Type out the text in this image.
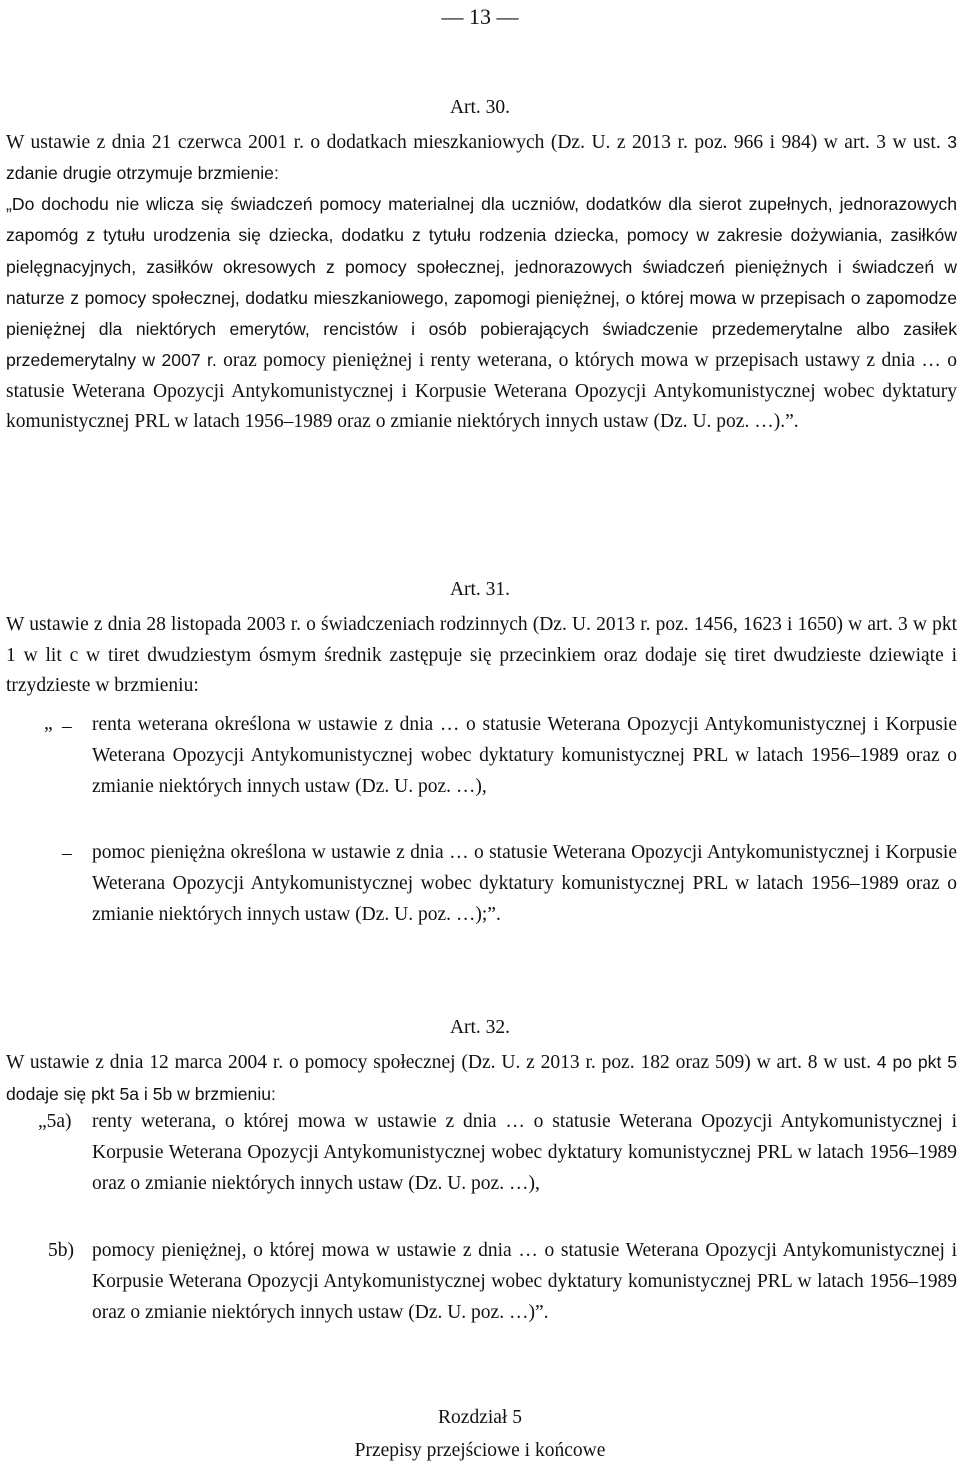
— 13 —
Art. 30.

W ustawie z dnia 21 czerwca 2001 r. o dodatkach mieszkaniowych (Dz. U. z 2013 r. poz. 966 i 984) w art. 3 w ust. 3 zdanie drugie otrzymuje brzmienie:

„Do dochodu nie wlicza się świadczeń pomocy materialnej dla uczniów, dodatków dla sierot zupełnych, jednorazowych zapomóg z tytułu urodzenia się dziecka, dodatku z tytułu rodzenia dziecka, pomocy w zakresie dożywiania, zasiłków pielęgnacyjnych, zasiłków okresowych z pomocy społecznej, jednorazowych świadczeń pieniężnych i świadczeń w naturze z pomocy społecznej, dodatku mieszkaniowego, zapomogi pieniężnej, o której mowa w przepisach o zapomodze pieniężnej dla niektórych emerytów, rencistów i osób pobierających świadczenie przedemerytalne albo zasiłek przedemerytalny w 2007 r. oraz pomocy pieniężnej i renty weterana, o których mowa w przepisach ustawy z dnia … o statusie Weterana Opozycji Antykomunistycznej i Korpusie Weterana Opozycji Antykomunistycznej wobec dyktatury komunistycznej PRL w latach 1956–1989 oraz o zmianie niektórych innych ustaw (Dz. U. poz. …).”.

Art. 31.

W ustawie z dnia 28 listopada 2003 r. o świadczeniach rodzinnych (Dz. U. 2013 r. poz. 1456, 1623 i 1650) w art. 3 w pkt 1 w lit c w tiret dwudziestym ósmym średnik zastępuje się przecinkiem oraz dodaje się tiret dwudzieste dziewiąte i trzydzieste w brzmieniu:

„ – renta weterana określona w ustawie z dnia … o statusie Weterana Opozycji Antykomunistycznej i Korpusie Weterana Opozycji Antykomunistycznej wobec dyktatury komunistycznej PRL w latach 1956–1989 oraz o zmianie niektórych innych ustaw (Dz. U. poz. …),

– pomoc pieniężna określona w ustawie z dnia … o statusie Weterana Opozycji Antykomunistycznej i Korpusie Weterana Opozycji Antykomunistycznej wobec dyktatury komunistycznej PRL w latach 1956–1989 oraz o zmianie niektórych innych ustaw (Dz. U. poz. …);”.

Art. 32.

W ustawie z dnia 12 marca 2004 r. o pomocy społecznej (Dz. U. z 2013 r. poz. 182 oraz 509) w art. 8 w ust. 4 po pkt 5 dodaje się pkt 5a i 5b w brzmieniu:

„5a) renty weterana, o której mowa w ustawie z dnia … o statusie Weterana Opozycji Antykomunistycznej i Korpusie Weterana Opozycji Antykomunistycznej wobec dyktatury komunistycznej PRL w latach 1956–1989 oraz o zmianie niektórych innych ustaw (Dz. U. poz. …),

5b) pomocy pieniężnej, o której mowa w ustawie z dnia … o statusie Weterana Opozycji Antykomunistycznej i Korpusie Weterana Opozycji Antykomunistycznej wobec dyktatury komunistycznej PRL w latach 1956–1989 oraz o zmianie niektórych innych ustaw (Dz. U. poz. …)”.

Rozdział 5
Przepisy przejściowe i końcowe
